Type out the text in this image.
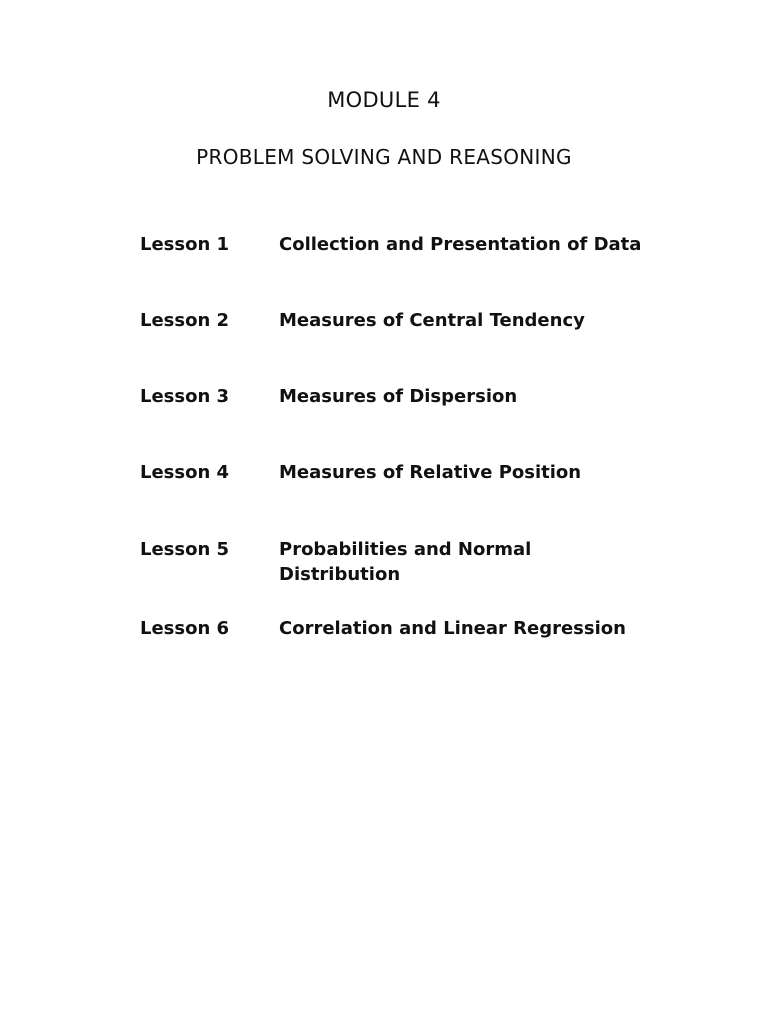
MODULE 4
PROBLEM SOLVING AND REASONING
Lesson 1	Collection and Presentation of Data
Lesson 2	Measures of Central Tendency
Lesson 3	Measures of Dispersion
Lesson 4	Measures of Relative Position
Lesson 5	Probabilities and Normal Distribution
Lesson 6	Correlation and Linear Regression
